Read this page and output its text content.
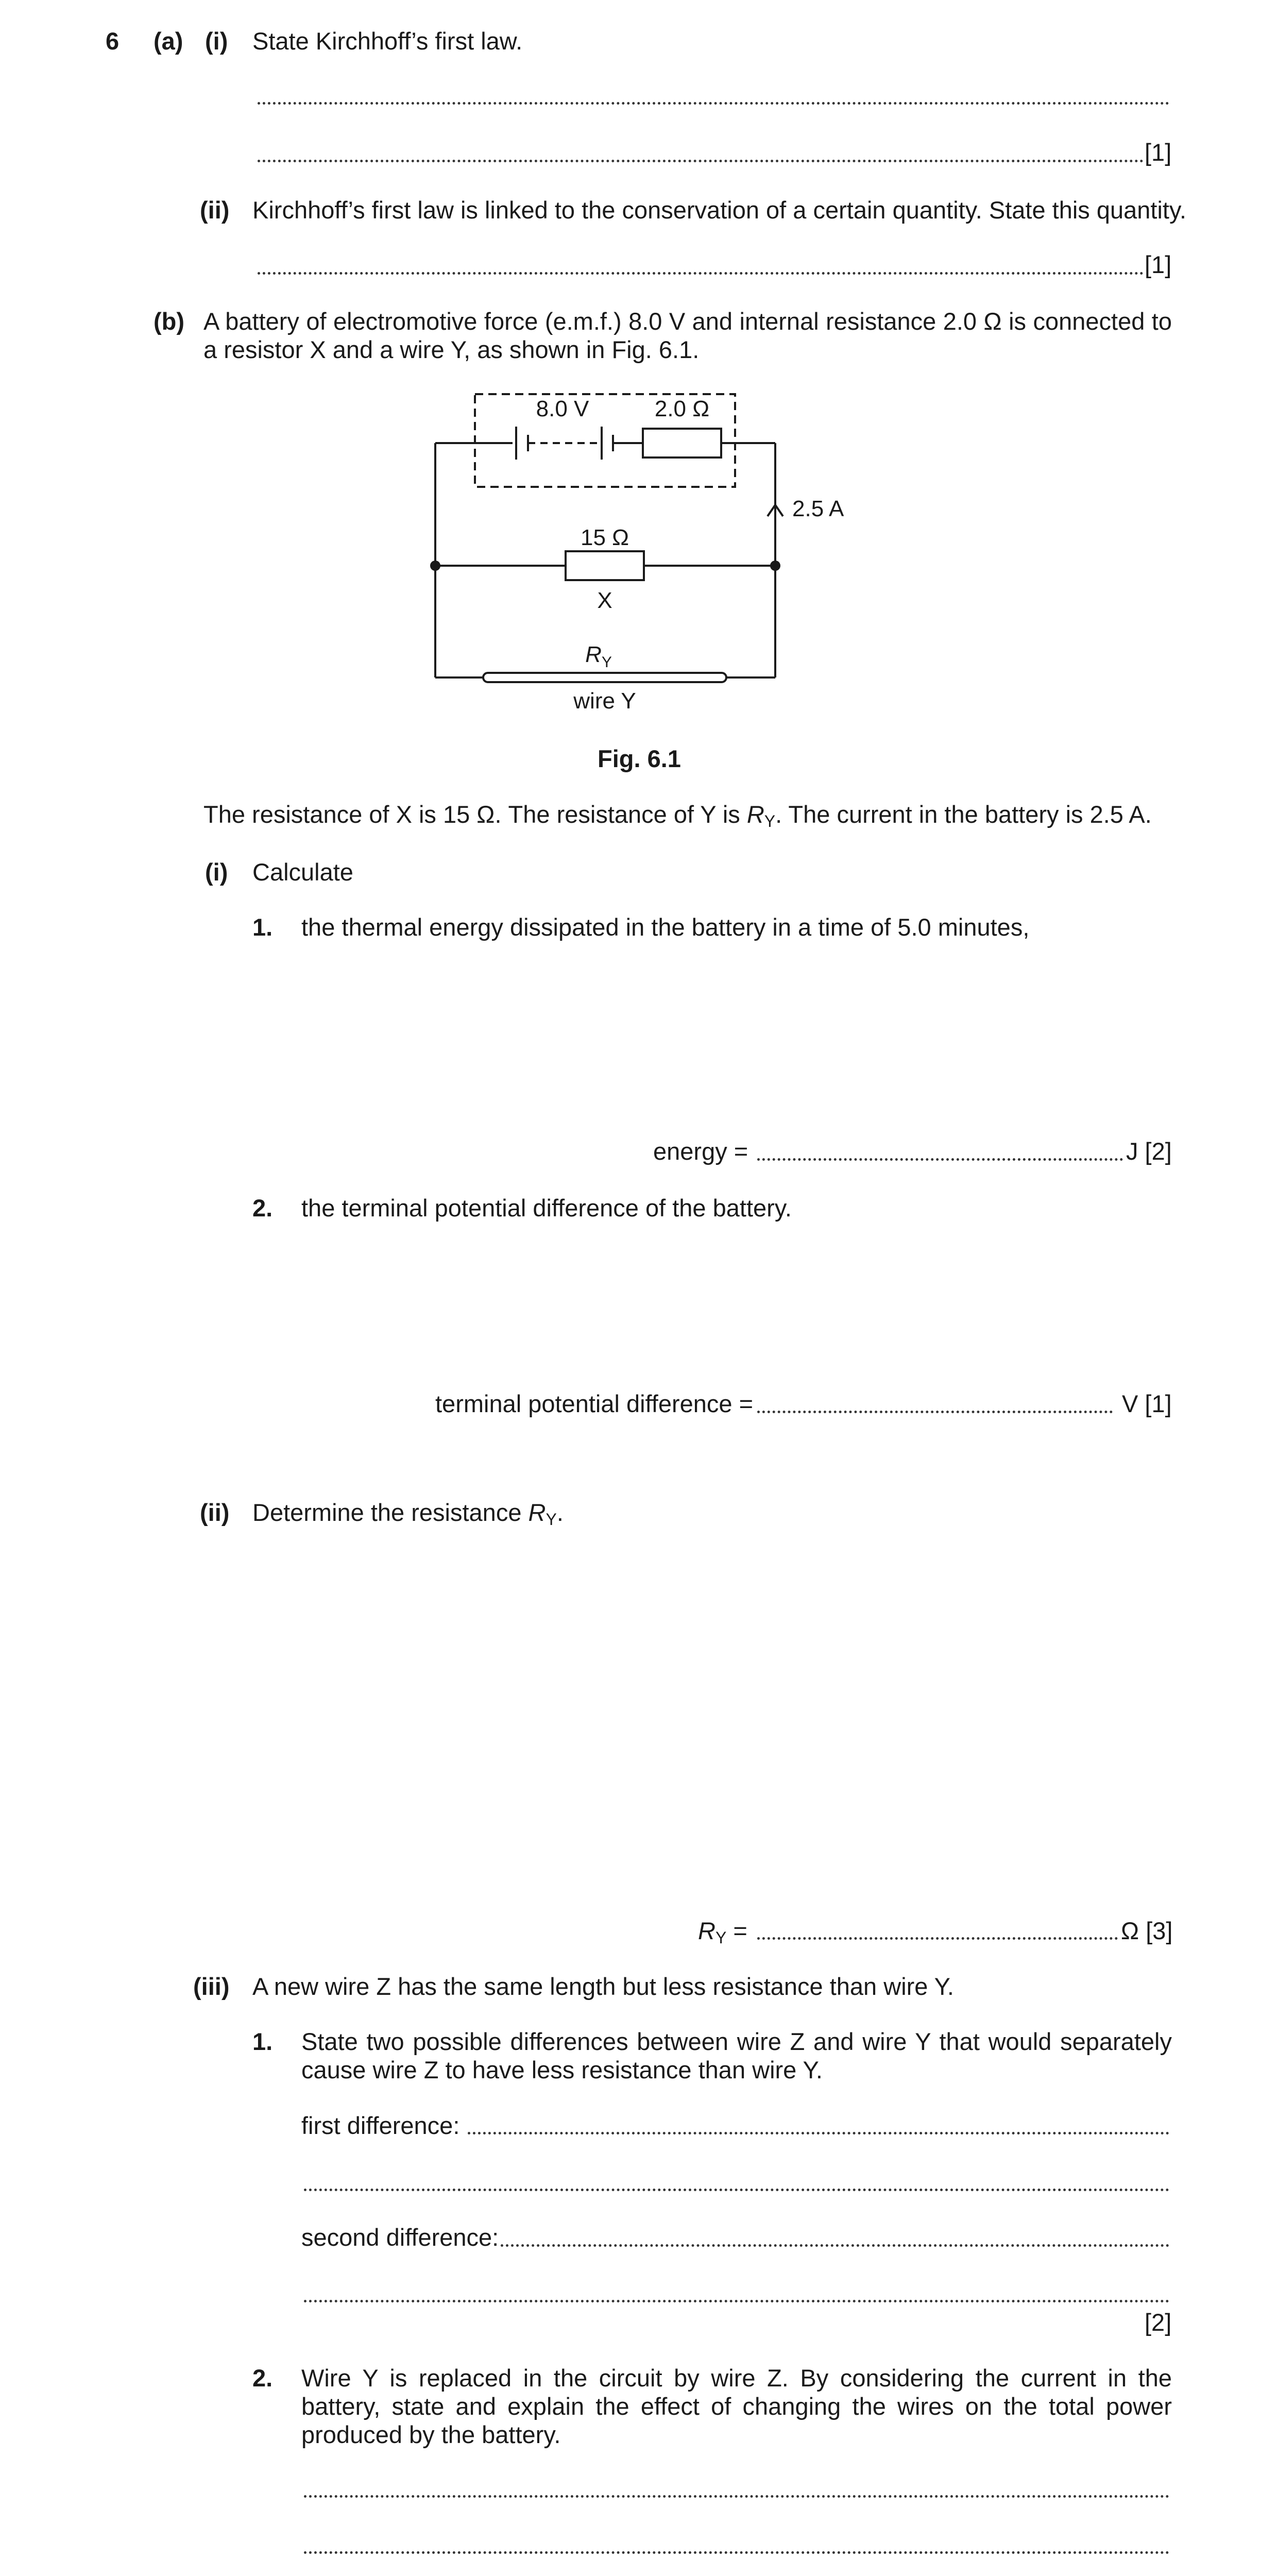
6 (a) (i) State Kirchhoff’s first law.
[1]
(ii) Kirchhoff’s first law is linked to the conservation of a certain quantity. State this quantity.
[1]
(b) A battery of electromotive force (e.m.f.) 8.0 V and internal resistance 2.0 Ω is connected to a resistor X and a wire Y, as shown in Fig. 6.1.
8.0 V	2.0 Ω
2.5 A
15 Ω
X
$R_Y$
wire Y
Fig. 6.1
The resistance of X is 15 Ω. The resistance of Y is $R_Y$. The current in the battery is 2.5 A.
(i) Calculate
1. the thermal energy dissipated in the battery in a time of 5.0 minutes,
energy =	J [2]
2. the terminal potential difference of the battery.
terminal potential difference =	V [1]
(ii) Determine the resistance $R_Y$.
$R_Y$ =	Ω [3]
(iii) A new wire Z has the same length but less resistance than wire Y.
1. State two possible differences between wire Z and wire Y that would separately cause wire Z to have less resistance than wire Y.
first difference:
second difference:
[2]
2. Wire Y is replaced in the circuit by wire Z. By considering the current in the battery, state and explain the effect of changing the wires on the total power produced by the battery.
